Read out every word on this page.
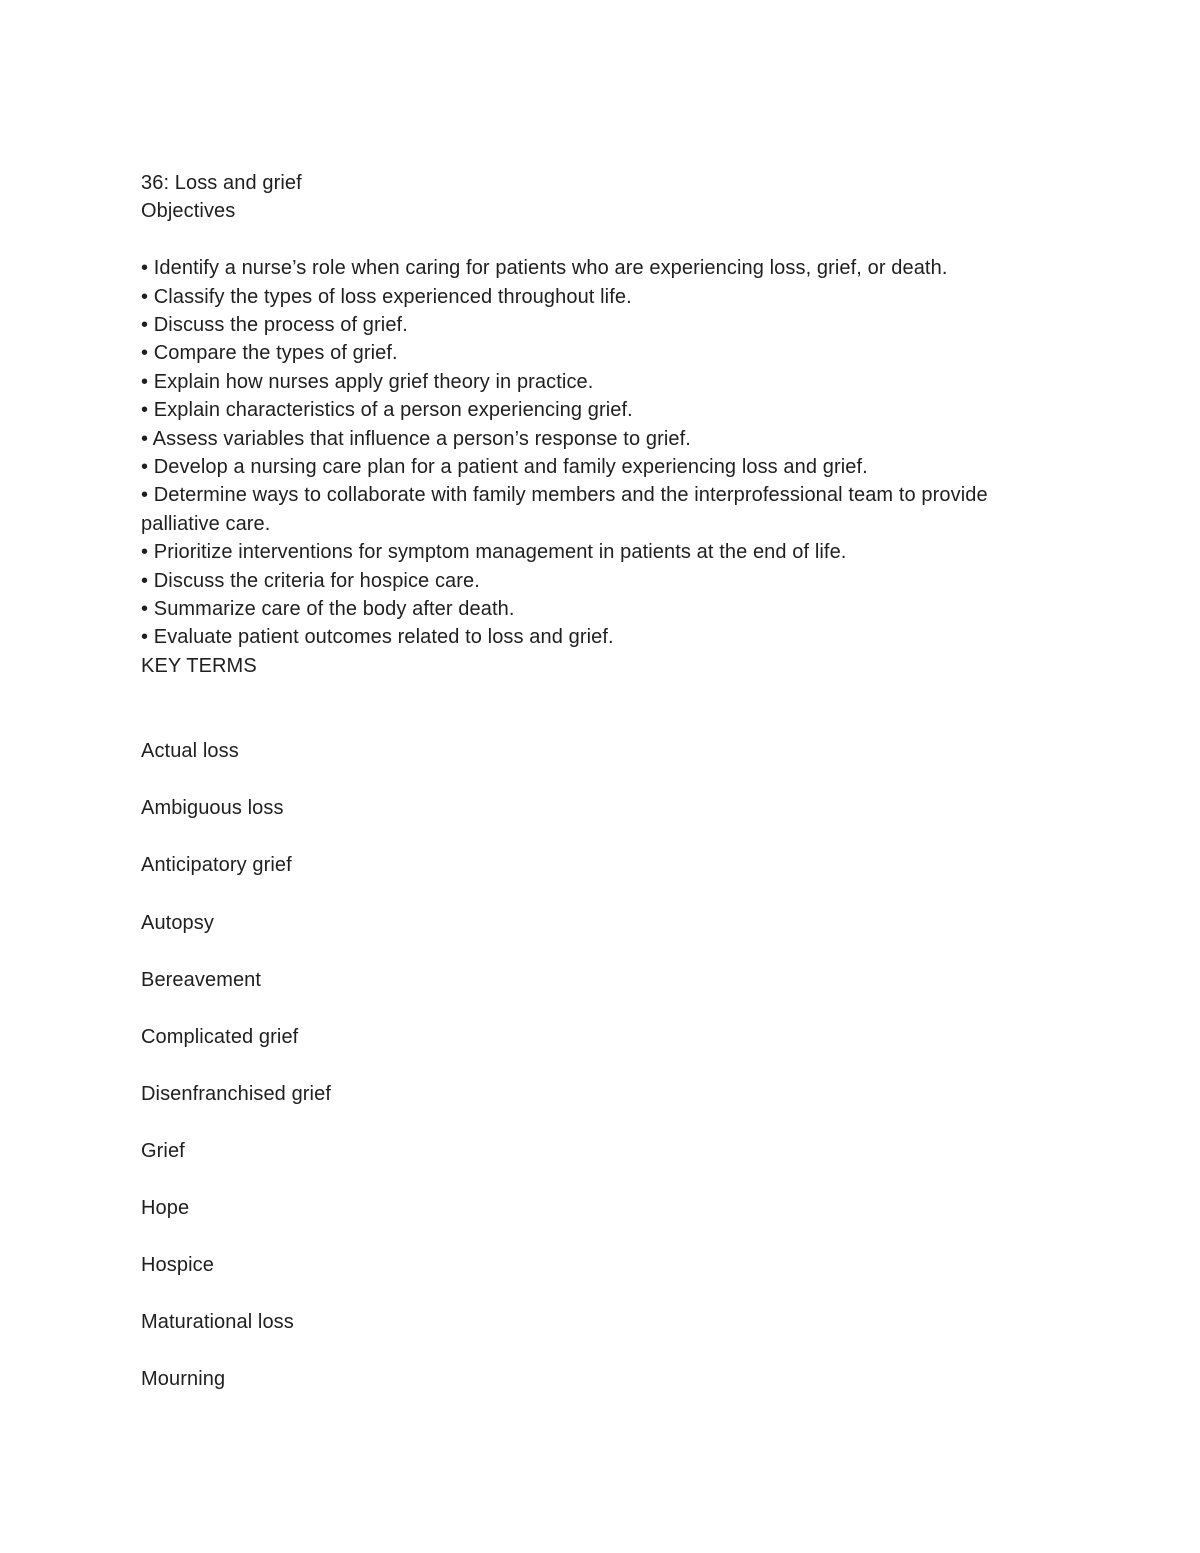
36: Loss and grief
Objectives
• Identify a nurse’s role when caring for patients who are experiencing loss, grief, or death.
• Classify the types of loss experienced throughout life.
• Discuss the process of grief.
• Compare the types of grief.
• Explain how nurses apply grief theory in practice.
• Explain characteristics of a person experiencing grief.
• Assess variables that influence a person’s response to grief.
• Develop a nursing care plan for a patient and family experiencing loss and grief.
• Determine ways to collaborate with family members and the interprofessional team to provide palliative care.
• Prioritize interventions for symptom management in patients at the end of life.
• Discuss the criteria for hospice care.
• Summarize care of the body after death.
• Evaluate patient outcomes related to loss and grief.
KEY TERMS
Actual loss
Ambiguous loss
Anticipatory grief
Autopsy
Bereavement
Complicated grief
Disenfranchised grief
Grief
Hope
Hospice
Maturational loss
Mourning
